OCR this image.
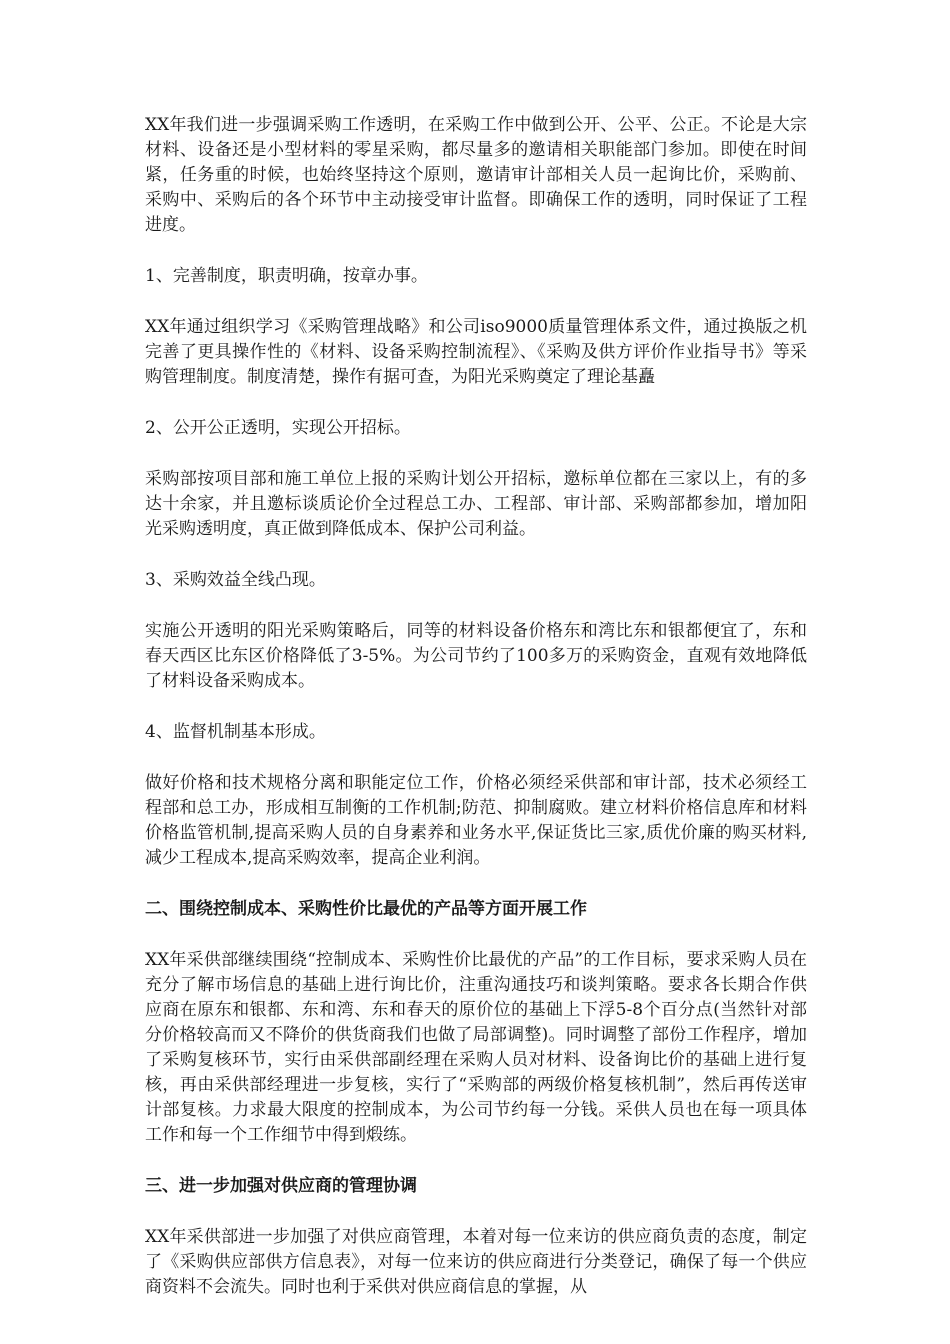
XX年我们进一步强调采购工作透明，在采购工作中做到公开、公平、公正。不论是大宗材料、设备还是小型材料的零星采购，都尽量多的邀请相关职能部门参加。即使在时间紧，任务重的时候，也始终坚持这个原则，邀请审计部相关人员一起询比价，采购前、采购中、采购后的各个环节中主动接受审计监督。即确保工作的透明，同时保证了工程进度。

1、完善制度，职责明确，按章办事。

XX年通过组织学习《采购管理战略》和公司iso9000质量管理体系文件，通过换版之机完善了更具操作性的《材料、设备采购控制流程》、《采购及供方评价作业指导书》等采购管理制度。制度清楚，操作有据可查，为阳光采购奠定了理论基矗

2、公开公正透明，实现公开招标。

采购部按项目部和施工单位上报的采购计划公开招标，邀标单位都在三家以上，有的多达十余家，并且邀标谈质论价全过程总工办、工程部、审计部、采购部都参加，增加阳光采购透明度，真正做到降低成本、保护公司利益。

3、采购效益全线凸现。

实施公开透明的阳光采购策略后，同等的材料设备价格东和湾比东和银都便宜了，东和春天西区比东区价格降低了3-5%。为公司节约了100多万的采购资金，直观有效地降低了材料设备采购成本。

4、监督机制基本形成。

做好价格和技术规格分离和职能定位工作，价格必须经采供部和审计部，技术必须经工程部和总工办，形成相互制衡的工作机制;防范、抑制腐败。建立材料价格信息库和材料价格监管机制,提高采购人员的自身素养和业务水平,保证货比三家,质优价廉的购买材料,减少工程成本,提高采购效率，提高企业利润。

二、围绕控制成本、采购性价比最优的产品等方面开展工作

XX年采供部继续围绕“控制成本、采购性价比最优的产品”的工作目标，要求采购人员在充分了解市场信息的基础上进行询比价，注重沟通技巧和谈判策略。要求各长期合作供应商在原东和银都、东和湾、东和春天的原价位的基础上下浮5-8个百分点(当然针对部分价格较高而又不降价的供货商我们也做了局部调整)。同时调整了部份工作程序，增加了采购复核环节，实行由采供部副经理在采购人员对材料、设备询比价的基础上进行复核，再由采供部经理进一步复核，实行了“采购部的两级价格复核机制”，然后再传送审计部复核。力求最大限度的控制成本，为公司节约每一分钱。采供人员也在每一项具体工作和每一个工作细节中得到煅练。

三、进一步加强对供应商的管理协调

XX年采供部进一步加强了对供应商管理，本着对每一位来访的供应商负责的态度，制定了《采购供应部供方信息表》，对每一位来访的供应商进行分类登记，确保了每一个供应商资料不会流失。同时也利于采供对供应商信息的掌握，从
